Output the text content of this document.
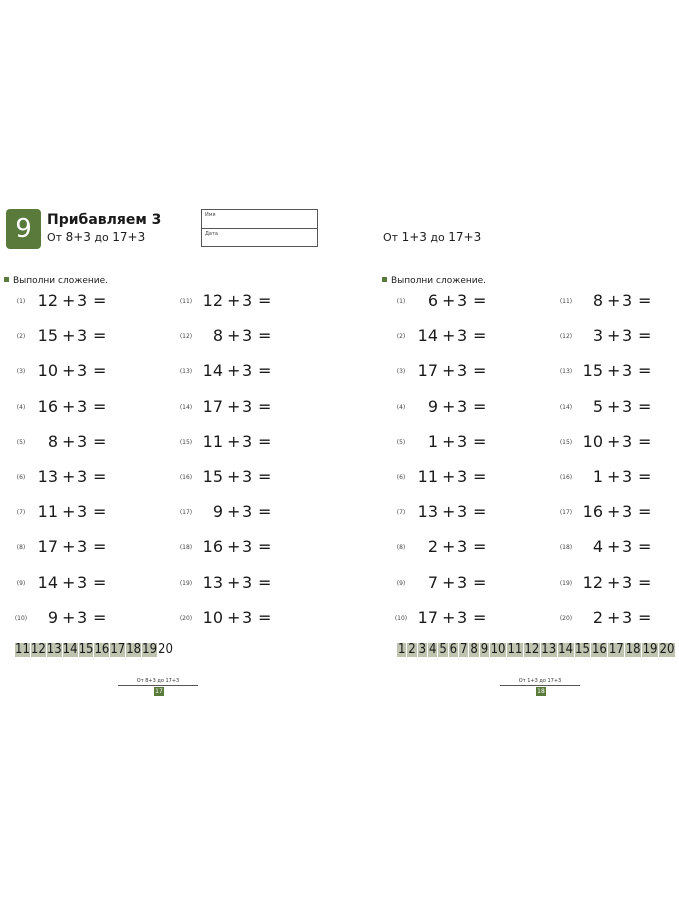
9	Прибавляем 3
От 8+3 до 17+3
Имя
Дата	От 1+3 до 17+3
Выполни сложение.	Выполни сложение.
(1) 12 + 3 =
(2) 15 + 3 =
(3) 10 + 3 =
(4) 16 + 3 =
(5)	8 + 3 =
(6) 13 + 3 =
(7) 11 + 3 =
(8) 17 + 3 =
(9) 14 + 3 =
(10)	9 + 3 =
(11) 12 + 3 =
(12)	8 + 3 =
(13) 14 + 3 =
(14) 17 + 3 =
(15) 11 + 3 =
(16) 15 + 3 =
(17)	9 + 3 =
(18) 16 + 3 =
(19) 13 + 3 =
(20) 10 + 3 =
(1)	6 + 3 =
(2) 14 + 3 =
(3) 17 + 3 =
(4)	9 + 3 =
(5)	1 + 3 =
(6) 11 + 3 =
(7) 13 + 3 =
(8)	2 + 3 =
(9)	7 + 3 =
(10) 17 + 3 =
(11)	8 + 3 =
(12)	3 + 3 =
(13) 15 + 3 =
(14)	5 + 3 =
(15) 10 + 3 =
(16)	1 + 3 =
(17) 16 + 3 =
(18)	4 + 3 =
(19) 12 + 3 =
(20)	2 + 3 =
11 12 13 14 15 16 17 18 19 20	1 2 3 4 5 6 7 8 9 10 11 12 13 14 15 16 17 18 19 20
От 8+3 до 17+3
17
От 1+3 до 17+3
18
